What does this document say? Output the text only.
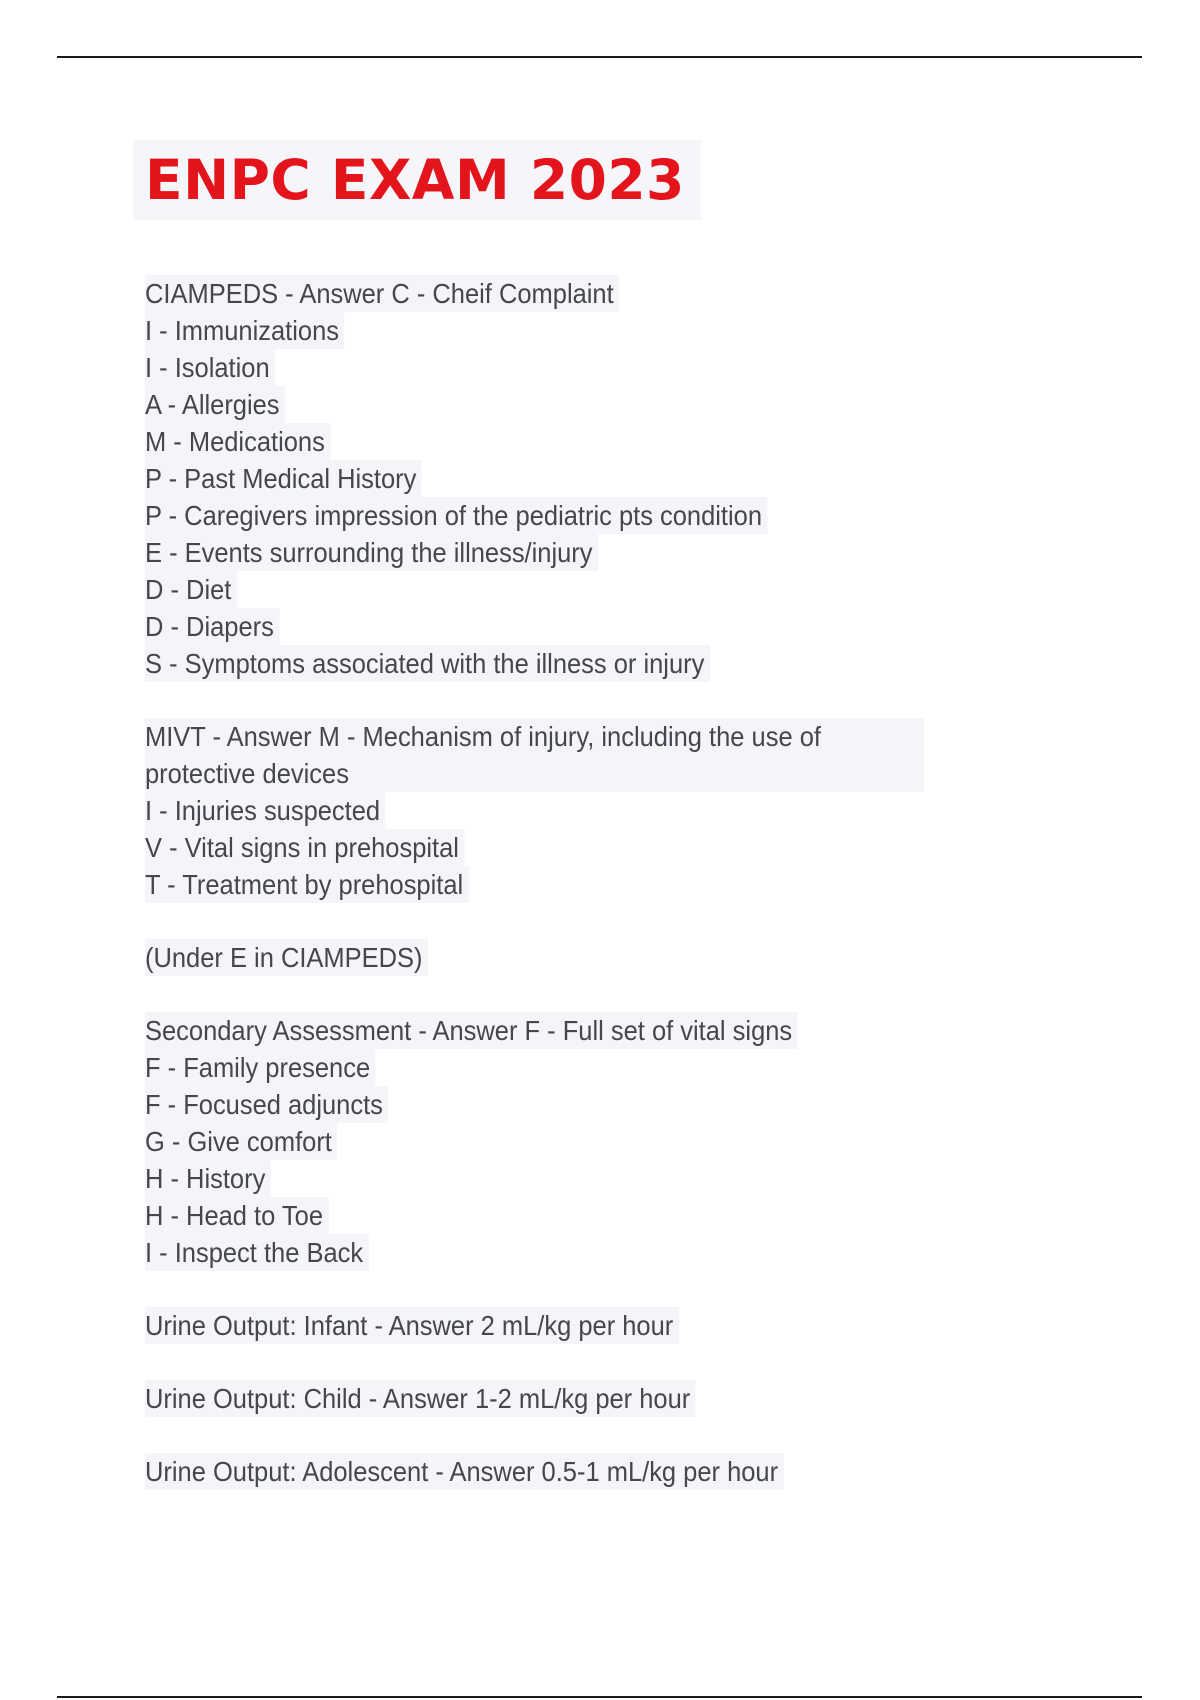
ENPC EXAM 2023
CIAMPEDS - Answer C - Cheif Complaint
I - Immunizations
I - Isolation
A - Allergies
M - Medications
P - Past Medical History
P - Caregivers impression of the pediatric pts condition
E - Events surrounding the illness/injury
D - Diet
D - Diapers
S - Symptoms associated with the illness or injury
MIVT - Answer M - Mechanism of injury, including the use of protective devices
I - Injuries suspected
V - Vital signs in prehospital
T - Treatment by prehospital
(Under E in CIAMPEDS)
Secondary Assessment - Answer F - Full set of vital signs
F - Family presence
F - Focused adjuncts
G - Give comfort
H - History
H - Head to Toe
I - Inspect the Back
Urine Output: Infant - Answer 2 mL/kg per hour
Urine Output: Child - Answer 1-2 mL/kg per hour
Urine Output: Adolescent - Answer 0.5-1 mL/kg per hour
